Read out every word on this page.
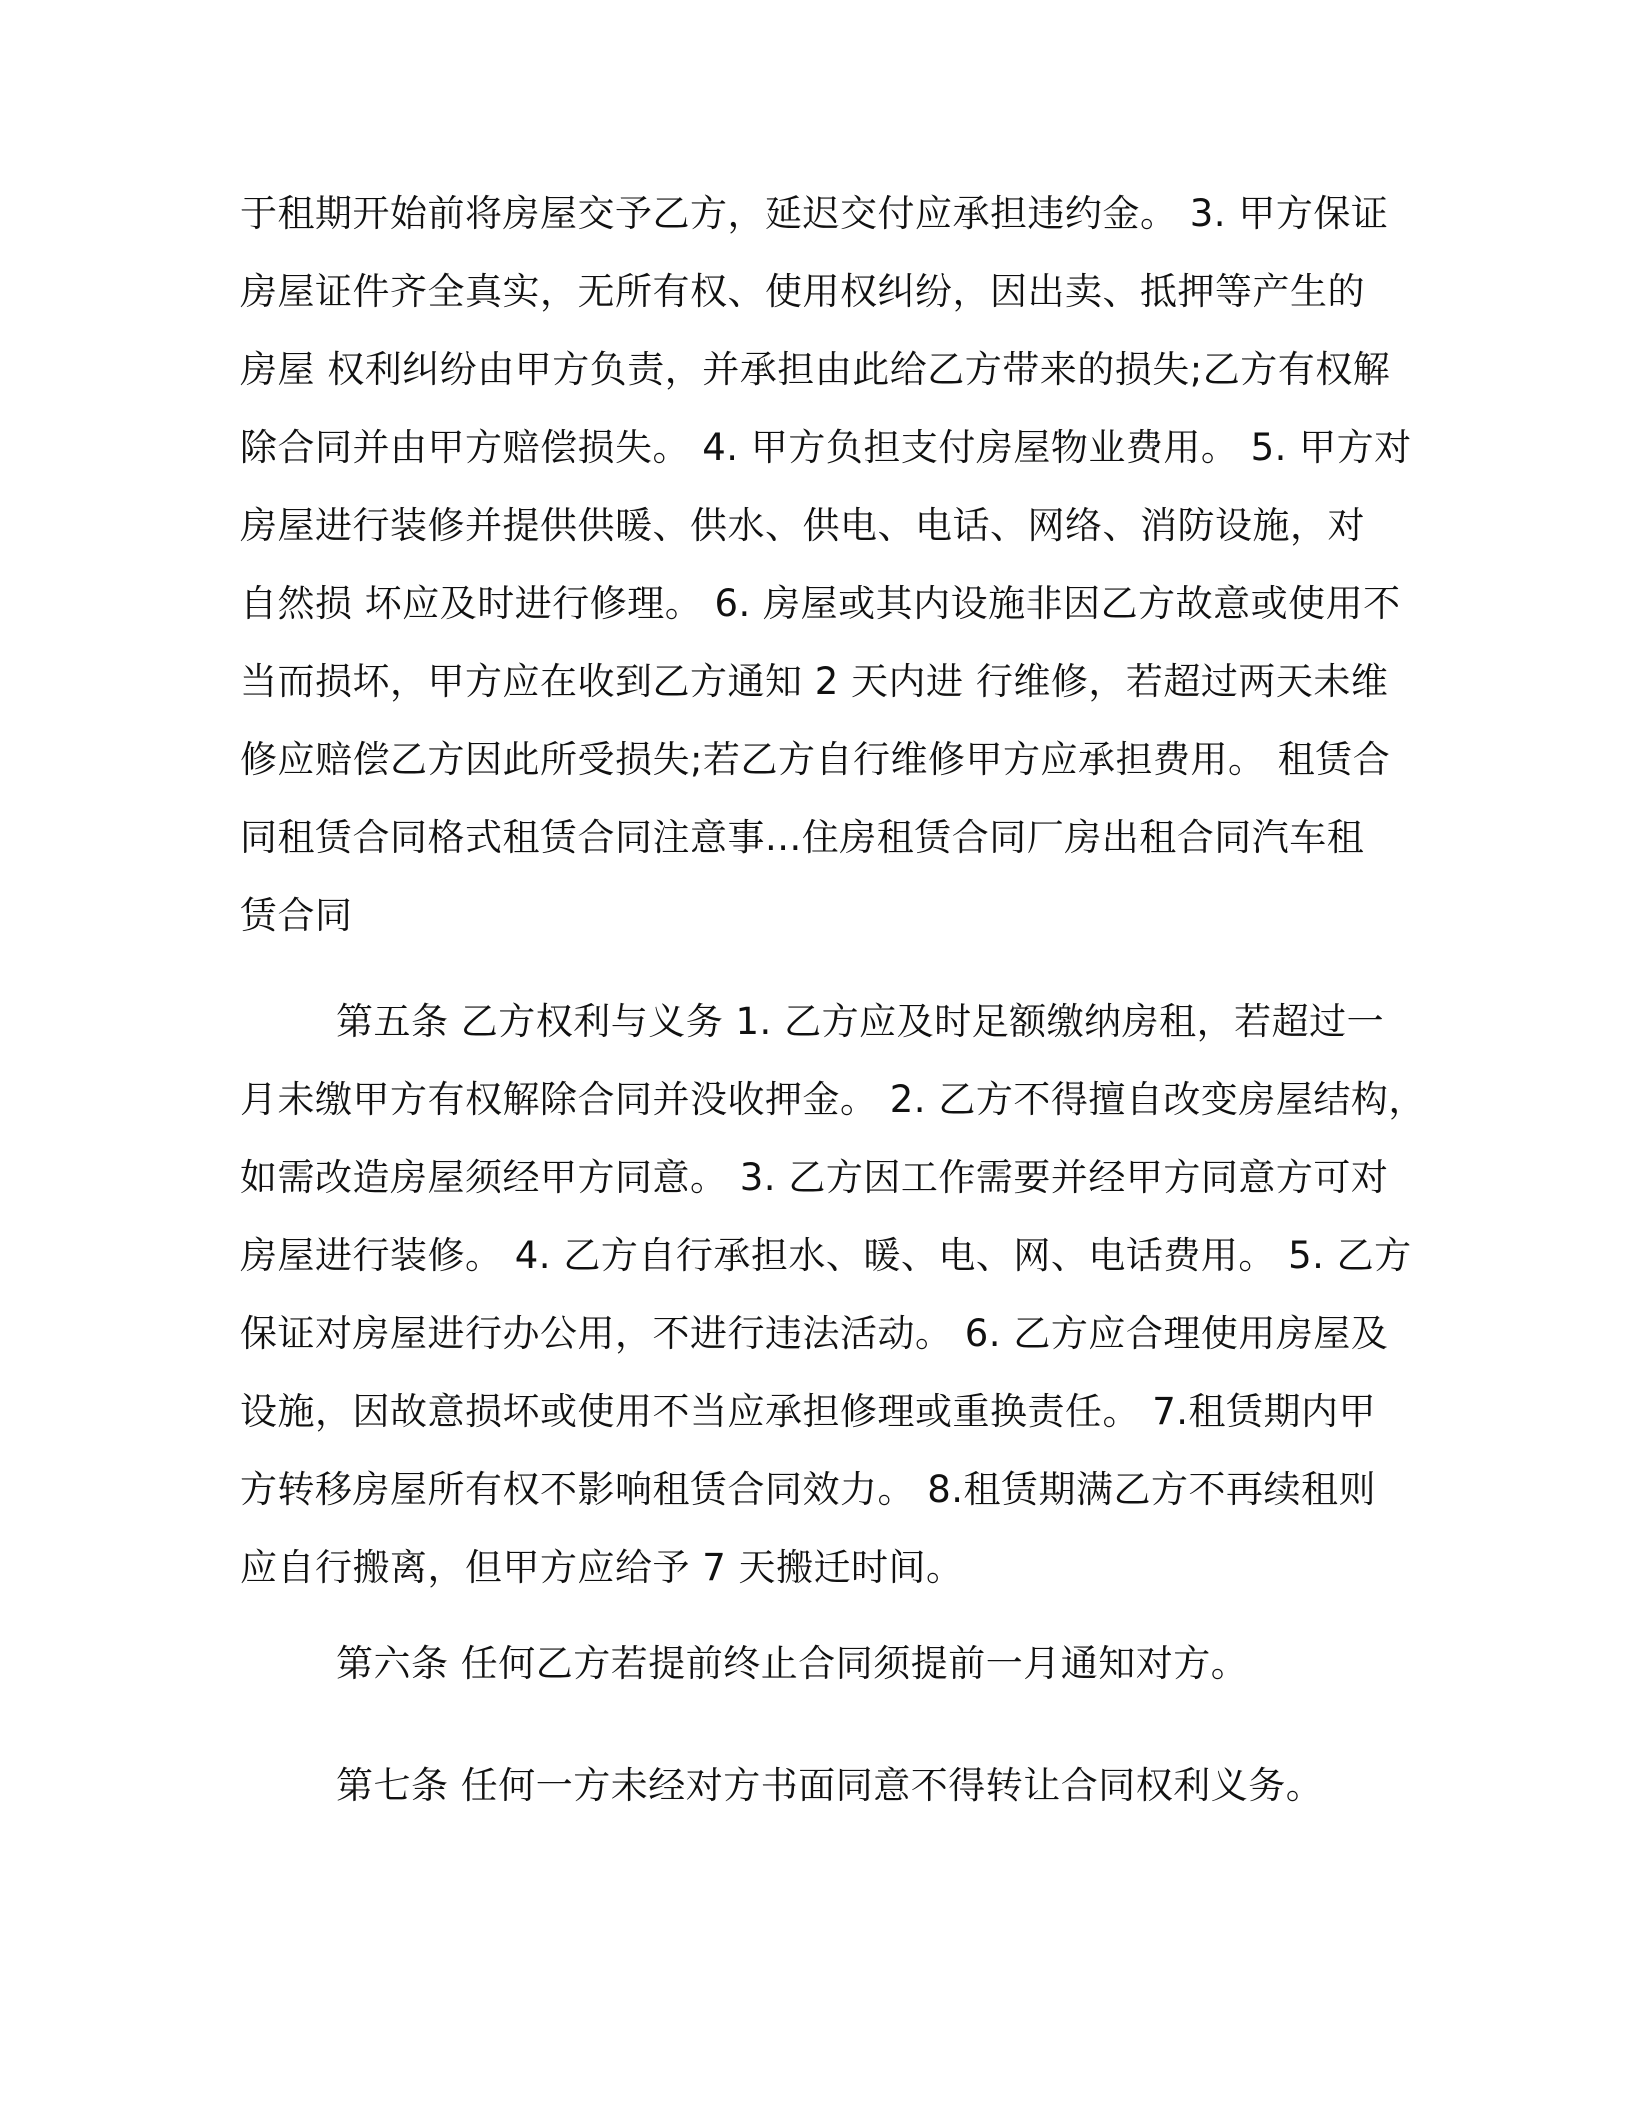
于租期开始前将房屋交予乙方，延迟交付应承担违约金。 3. 甲方保证
房屋证件齐全真实，无所有权、使用权纠纷，因出卖、抵押等产生的
房屋 权利纠纷由甲方负责，并承担由此给乙方带来的损失;乙方有权解
除合同并由甲方赔偿损失。 4. 甲方负担支付房屋物业费用。 5. 甲方对
房屋进行装修并提供供暖、供水、供电、电话、网络、消防设施，对
自然损 坏应及时进行修理。 6. 房屋或其内设施非因乙方故意或使用不
当而损坏，甲方应在收到乙方通知 2 天内进 行维修，若超过两天未维
修应赔偿乙方因此所受损失;若乙方自行维修甲方应承担费用。 租赁合
同租赁合同格式租赁合同注意事...住房租赁合同厂房出租合同汽车租
赁合同
第五条 乙方权利与义务 1. 乙方应及时足额缴纳房租，若超过一
月未缴甲方有权解除合同并没收押金。 2. 乙方不得擅自改变房屋结构，
如需改造房屋须经甲方同意。 3. 乙方因工作需要并经甲方同意方可对
房屋进行装修。 4. 乙方自行承担水、暖、电、网、电话费用。 5. 乙方
保证对房屋进行办公用，不进行违法活动。 6. 乙方应合理使用房屋及
设施，因故意损坏或使用不当应承担修理或重换责任。 7.租赁期内甲
方转移房屋所有权不影响租赁合同效力。 8.租赁期满乙方不再续租则
应自行搬离，但甲方应给予 7 天搬迁时间。
第六条 任何乙方若提前终止合同须提前一月通知对方。
第七条 任何一方未经对方书面同意不得转让合同权利义务。
